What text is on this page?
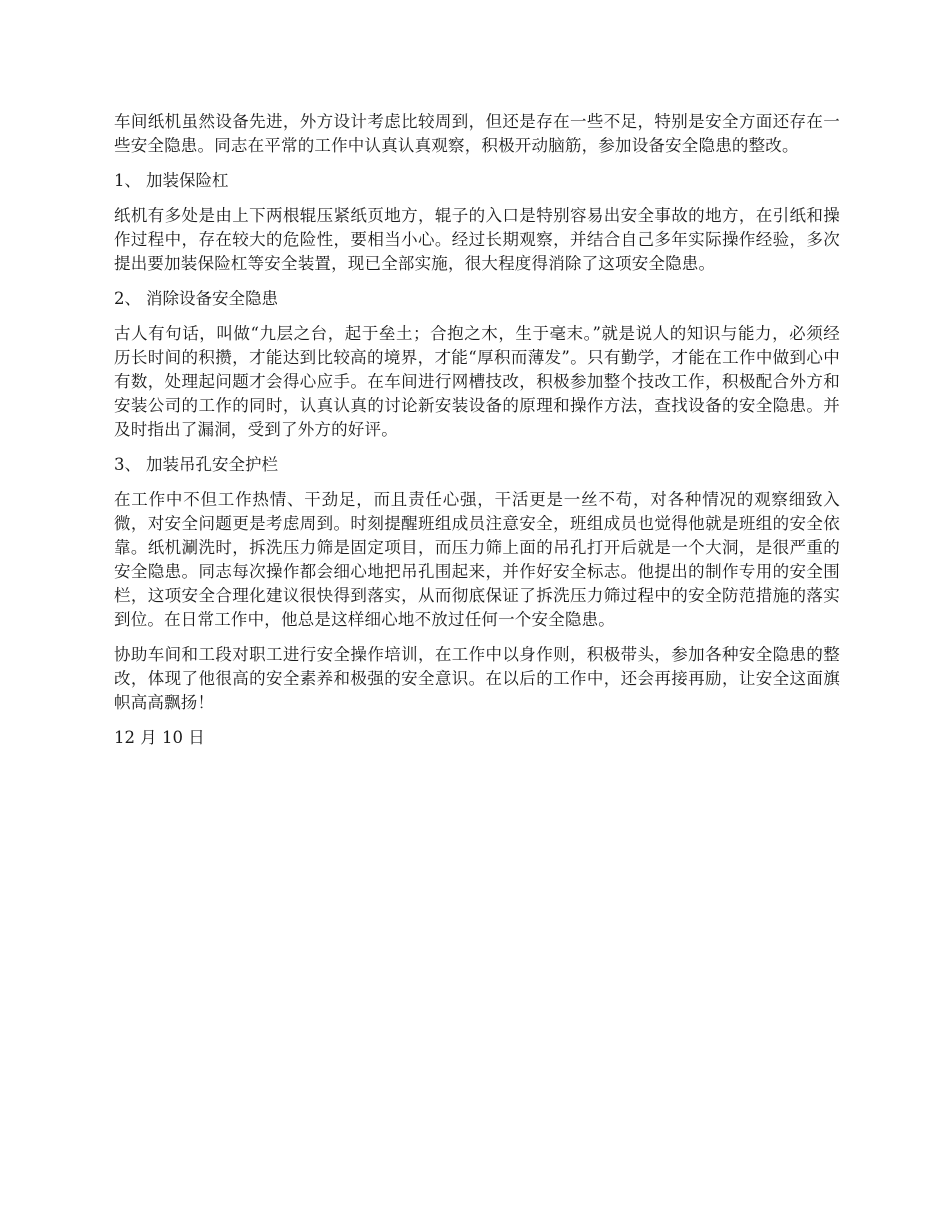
车间纸机虽然设备先进，外方设计考虑比较周到，但还是存在一些不足，特别是安全方面还存在一些安全隐患。同志在平常的工作中认真认真观察，积极开动脑筋，参加设备安全隐患的整改。

1、 加装保险杠

纸机有多处是由上下两根辊压紧纸页地方，辊子的入口是特别容易出安全事故的地方，在引纸和操作过程中，存在较大的危险性，要相当小心。经过长期观察，并结合自己多年实际操作经验，多次提出要加装保险杠等安全装置，现已全部实施，很大程度得消除了这项安全隐患。

2、 消除设备安全隐患

古人有句话，叫做“九层之台，起于垒土；合抱之木，生于毫末。”就是说人的知识与能力，必须经历长时间的积攒，才能达到比较高的境界，才能“厚积而薄发”。只有勤学，才能在工作中做到心中有数，处理起问题才会得心应手。在车间进行网槽技改，积极参加整个技改工作，积极配合外方和安装公司的工作的同时，认真认真的讨论新安装设备的原理和操作方法，查找设备的安全隐患。并及时指出了漏洞，受到了外方的好评。

3、 加装吊孔安全护栏

在工作中不但工作热情、干劲足，而且责任心强，干活更是一丝不苟，对各种情况的观察细致入微，对安全问题更是考虑周到。时刻提醒班组成员注意安全，班组成员也觉得他就是班组的安全依靠。纸机涮洗时，拆洗压力筛是固定项目，而压力筛上面的吊孔打开后就是一个大洞，是很严重的安全隐患。同志每次操作都会细心地把吊孔围起来，并作好安全标志。他提出的制作专用的安全围栏，这项安全合理化建议很快得到落实，从而彻底保证了拆洗压力筛过程中的安全防范措施的落实到位。在日常工作中，他总是这样细心地不放过任何一个安全隐患。

协助车间和工段对职工进行安全操作培训，在工作中以身作则，积极带头，参加各种安全隐患的整改，体现了他很高的安全素养和极强的安全意识。在以后的工作中，还会再接再励，让安全这面旗帜高高飘扬！

12 月 10 日
